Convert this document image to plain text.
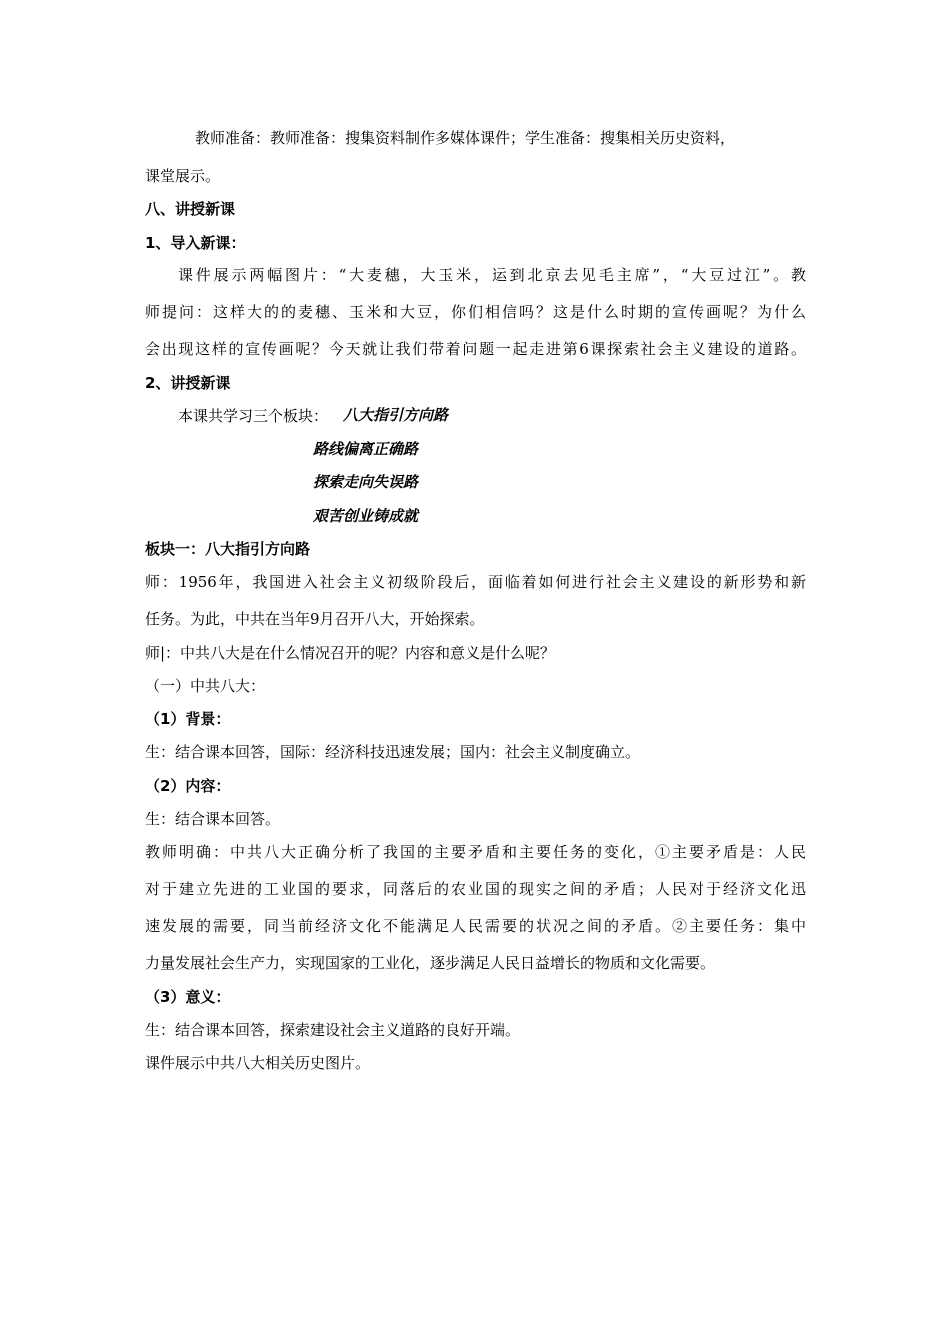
教师准备：教师准备：搜集资料制作多媒体课件；学生准备：搜集相关历史资料，
课堂展示。
八、讲授新课
1、导入新课：
课件展示两幅图片：“大麦穗，大玉米，运到北京去见毛主席”，“大豆过江”。教
师提问：这样大的的麦穗、玉米和大豆，你们相信吗？这是什么时期的宣传画呢？为什么
会出现这样的宣传画呢？今天就让我们带着问题一起走进第6课探索社会主义建设的道路。
2、讲授新课
本课共学习三个板块： 八大指引方向路
路线偏离正确路
探索走向失误路
艰苦创业铸成就
板块一：八大指引方向路
师：1956年，我国进入社会主义初级阶段后，面临着如何进行社会主义建设的新形势和新
任务。为此，中共在当年9月召开八大，开始探索。
师|：中共八大是在什么情况召开的呢？内容和意义是什么呢？
（一）中共八大：
（1）背景：
生：结合课本回答，国际：经济科技迅速发展；国内：社会主义制度确立。
（2）内容：
生：结合课本回答。
教师明确：中共八大正确分析了我国的主要矛盾和主要任务的变化，①主要矛盾是：人民
对于建立先进的工业国的要求，同落后的农业国的现实之间的矛盾；人民对于经济文化迅
速发展的需要，同当前经济文化不能满足人民需要的状况之间的矛盾。②主要任务：集中
力量发展社会生产力，实现国家的工业化，逐步满足人民日益增长的物质和文化需要。
（3）意义：
生：结合课本回答，探索建设社会主义道路的良好开端。
课件展示中共八大相关历史图片。
